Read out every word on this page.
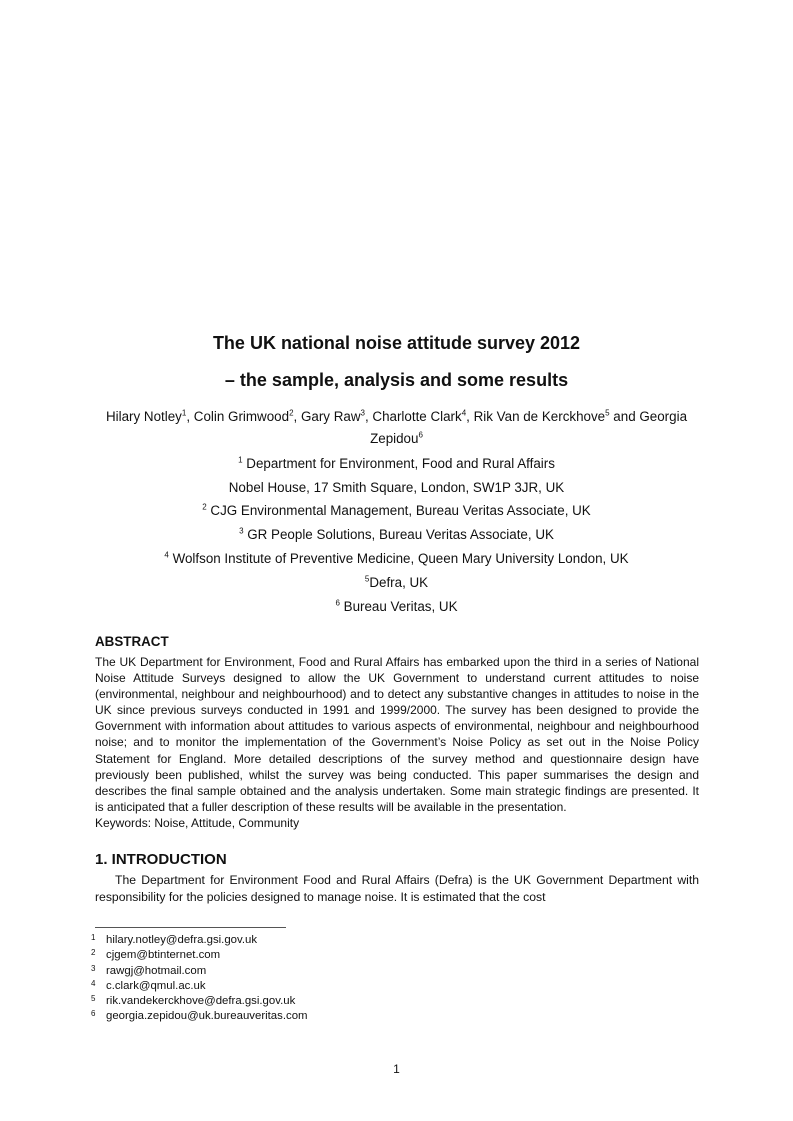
The UK national noise attitude survey 2012
– the sample, analysis and some results
Hilary Notley$^1$, Colin Grimwood$^2$, Gary Raw$^3$, Charlotte Clark$^4$, Rik Van de Kerckhove$^5$ and Georgia Zepidou$^6$
$^1$ Department for Environment, Food and Rural Affairs
Nobel House, 17 Smith Square, London, SW1P 3JR, UK
$^2$ CJG Environmental Management, Bureau Veritas Associate, UK
$^3$ GR People Solutions, Bureau Veritas Associate, UK
$^4$ Wolfson Institute of Preventive Medicine, Queen Mary University London, UK
$^5$Defra, UK
$^6$ Bureau Veritas, UK
ABSTRACT
The UK Department for Environment, Food and Rural Affairs has embarked upon the third in a series of National Noise Attitude Surveys designed to allow the UK Government to understand current attitudes to noise (environmental, neighbour and neighbourhood) and to detect any substantive changes in attitudes to noise in the UK since previous surveys conducted in 1991 and 1999/2000. The survey has been designed to provide the Government with information about attitudes to various aspects of environmental, neighbour and neighbourhood noise; and to monitor the implementation of the Government’s Noise Policy as set out in the Noise Policy Statement for England. More detailed descriptions of the survey method and questionnaire design have previously been published, whilst the survey was being conducted. This paper summarises the design and describes the final sample obtained and the analysis undertaken. Some main strategic findings are presented. It is anticipated that a fuller description of these results will be available in the presentation.
Keywords: Noise, Attitude, Community
1. INTRODUCTION
The Department for Environment Food and Rural Affairs (Defra) is the UK Government Department with responsibility for the policies designed to manage noise. It is estimated that the cost
1 hilary.notley@defra.gsi.gov.uk
2 cjgem@btinternet.com
3 rawgj@hotmail.com
4 c.clark@qmul.ac.uk
5 rik.vandekerckhove@defra.gsi.gov.uk
6 georgia.zepidou@uk.bureauveritas.com
1
